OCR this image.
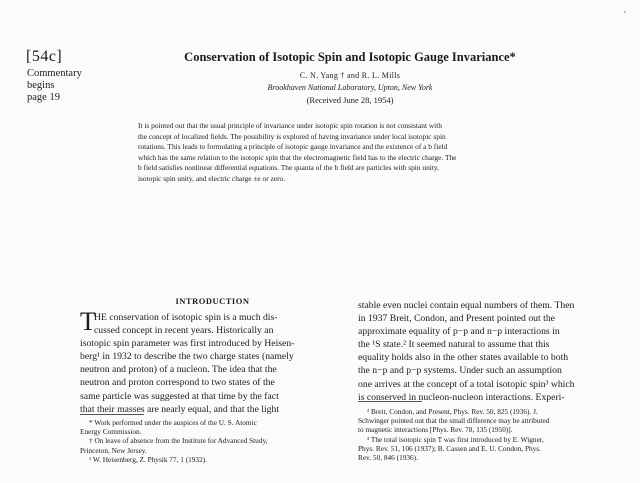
'
[54c]
Commentary
begins
page 19
Conservation of Isotopic Spin and Isotopic Gauge Invariance*
C. N. Yang † and R. L. Mills
Brookhaven National Laboratory, Upton, New York
(Received June 28, 1954)
It is pointed out that the usual principle of invariance under isotopic spin rotation is not consistant with
the concept of localized fields. The possibility is explored of having invariance under local isotopic spin
rotations. This leads to formulating a principle of isotopic gauge invariance and the existence of a b field
which has the same relation to the isotopic spin that the electromagnetic field has to the electric charge. The
b field satisfies nonlinear differential equations. The quanta of the b field are particles with spin unity,
isotopic spin unity, and electric charge ±e or zero.
INTRODUCTION
T
HE conservation of isotopic spin is a much dis-
cussed concept in recent years. Historically an
isotopic spin parameter was first introduced by Heisen-
berg¹ in 1932 to describe the two charge states (namely
neutron and proton) of a nucleon. The idea that the
neutron and proton correspond to two states of the
same particle was suggested at that time by the fact
that their masses are nearly equal, and that the light
stable even nuclei contain equal numbers of them. Then
in 1937 Breit, Condon, and Present pointed out the
approximate equality of p−p and n−p interactions in
the ¹S state.² It seemed natural to assume that this
equality holds also in the other states available to both
the n−p and p−p systems. Under such an assumption
one arrives at the concept of a total isotopic spin³ which
is conserved in nucleon-nucleon interactions. Experi-
* Work performed under the auspices of the U. S. Atomic
Energy Commission.
† On leave of absence from the Institute for Advanced Study,
Princeton, New Jersey.
¹ W. Heisenberg, Z. Physik 77, 1 (1932).
² Breit, Condon, and Present, Phys. Rev. 50, 825 (1936). J.
Schwinger pointed out that the small difference may be attributed
to magnetic interactions [Phys. Rev. 78, 135 (1950)].
³ The total isotopic spin T was first introduced by E. Wigner,
Phys. Rev. 51, 106 (1937); B. Cassen and E. U. Condon, Phys.
Rev. 50, 846 (1936).
